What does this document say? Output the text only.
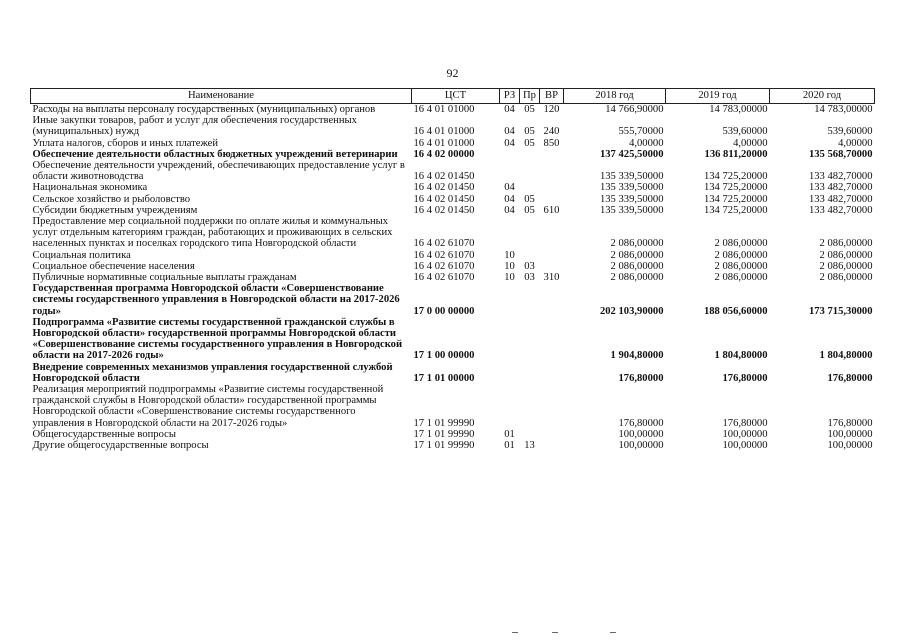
92
Наименование	ЦСТ	РЗ	Пр	ВР	2018 год	2019 год	2020 год
Расходы на выплаты персоналу государственных (муниципальных) органов	16 4 01 01000	04	05	120	14 766,90000	14 783,00000	14 783,00000
Иные закупки товаров, работ и услуг для обеспечения государственных (муниципальных) нужд	16 4 01 01000	04	05	240	555,70000	539,60000	539,60000
Уплата налогов, сборов и иных платежей	16 4 01 01000	04	05	850	4,00000	4,00000	4,00000
Обеспечение деятельности областных бюджетных учреждений ветеринарии	16 4 02 00000				137 425,50000	136 811,20000	135 568,70000
Обеспечение деятельности учреждений, обеспечивающих предоставление услуг в области животноводства	16 4 02 01450				135 339,50000	134 725,20000	133 482,70000
Национальная экономика	16 4 02 01450	04			135 339,50000	134 725,20000	133 482,70000
Сельское хозяйство и рыболовство	16 4 02 01450	04	05		135 339,50000	134 725,20000	133 482,70000
Субсидии бюджетным учреждениям	16 4 02 01450	04	05	610	135 339,50000	134 725,20000	133 482,70000
Предоставление мер социальной поддержки по оплате жилья и коммунальных услуг отдельным категориям граждан, работающих и проживающих в сельских населенных пунктах и поселках городского типа Новгородской области	16 4 02 61070				2 086,00000	2 086,00000	2 086,00000
Социальная политика	16 4 02 61070	10			2 086,00000	2 086,00000	2 086,00000
Социальное обеспечение населения	16 4 02 61070	10	03		2 086,00000	2 086,00000	2 086,00000
Публичные нормативные социальные выплаты гражданам	16 4 02 61070	10	03	310	2 086,00000	2 086,00000	2 086,00000
Государственная программа Новгородской области «Совершенствование системы государственного управления в Новгородской области на 2017-2026 годы»	17 0 00 00000				202 103,90000	188 056,60000	173 715,30000
Подпрограмма «Развитие системы государственной гражданской службы в Новгородской области» государственной программы Новгородской области «Совершенствование системы государственного управления в Новгородской области на 2017-2026 годы»	17 1 00 00000				1 904,80000	1 804,80000	1 804,80000
Внедрение современных механизмов управления государственной службой Новгородской области	17 1 01 00000				176,80000	176,80000	176,80000
Реализация мероприятий подпрограммы «Развитие системы государственной гражданской службы в Новгородской области» государственной программы Новгородской области «Совершенствование системы государственного управления в Новгородской области на 2017-2026 годы»	17 1 01 99990				176,80000	176,80000	176,80000
Общегосударственные вопросы	17 1 01 99990	01			100,00000	100,00000	100,00000
Другие общегосударственные вопросы	17 1 01 99990	01	13		100,00000	100,00000	100,00000
